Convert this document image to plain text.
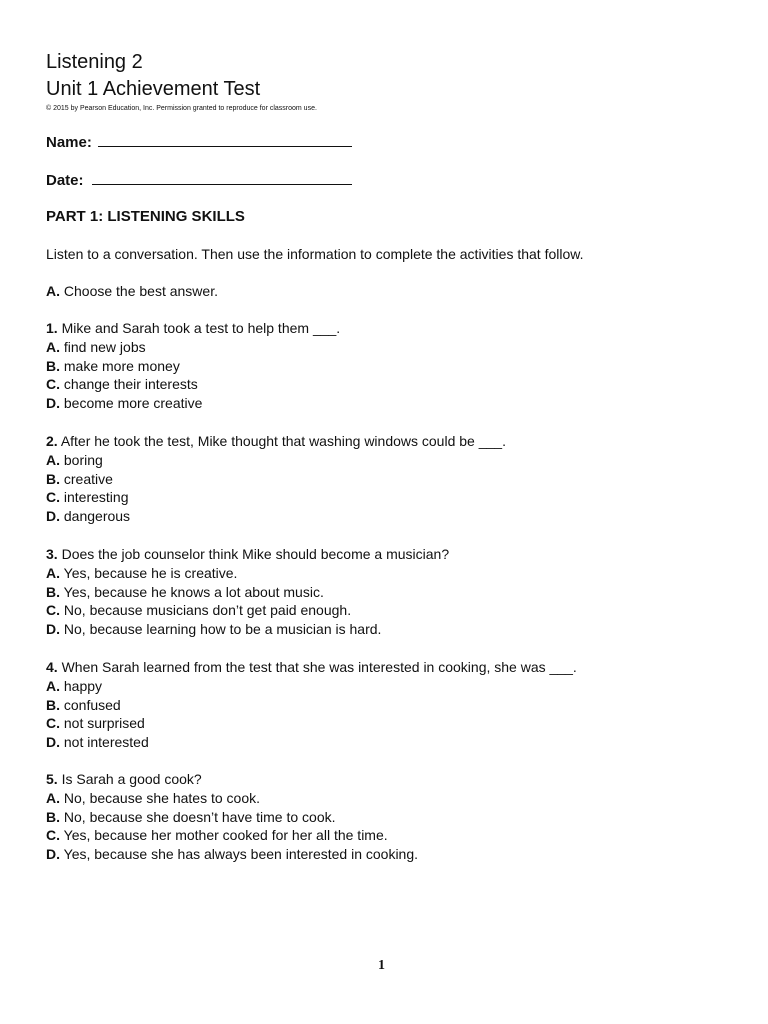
Listening 2
Unit 1 Achievement Test
© 2015 by Pearson Education, Inc. Permission granted to reproduce for classroom use.
Name:
Date:
PART 1: LISTENING SKILLS
Listen to a conversation. Then use the information to complete the activities that follow.
A. Choose the best answer.

1. Mike and Sarah took a test to help them ___.

A. find new jobs

B. make more money

C. change their interests

D. become more creative

2. After he took the test, Mike thought that washing windows could be ___.

A. boring

B. creative

C. interesting

D. dangerous

3. Does the job counselor think Mike should become a musician?

A. Yes, because he is creative.

B. Yes, because he knows a lot about music.

C. No, because musicians don’t get paid enough.

D. No, because learning how to be a musician is hard.

4. When Sarah learned from the test that she was interested in cooking, she was ___.

A. happy

B. confused

C. not surprised

D. not interested

5. Is Sarah a good cook?

A. No, because she hates to cook.

B. No, because she doesn’t have time to cook.

C. Yes, because her mother cooked for her all the time.

D. Yes, because she has always been interested in cooking.

1
